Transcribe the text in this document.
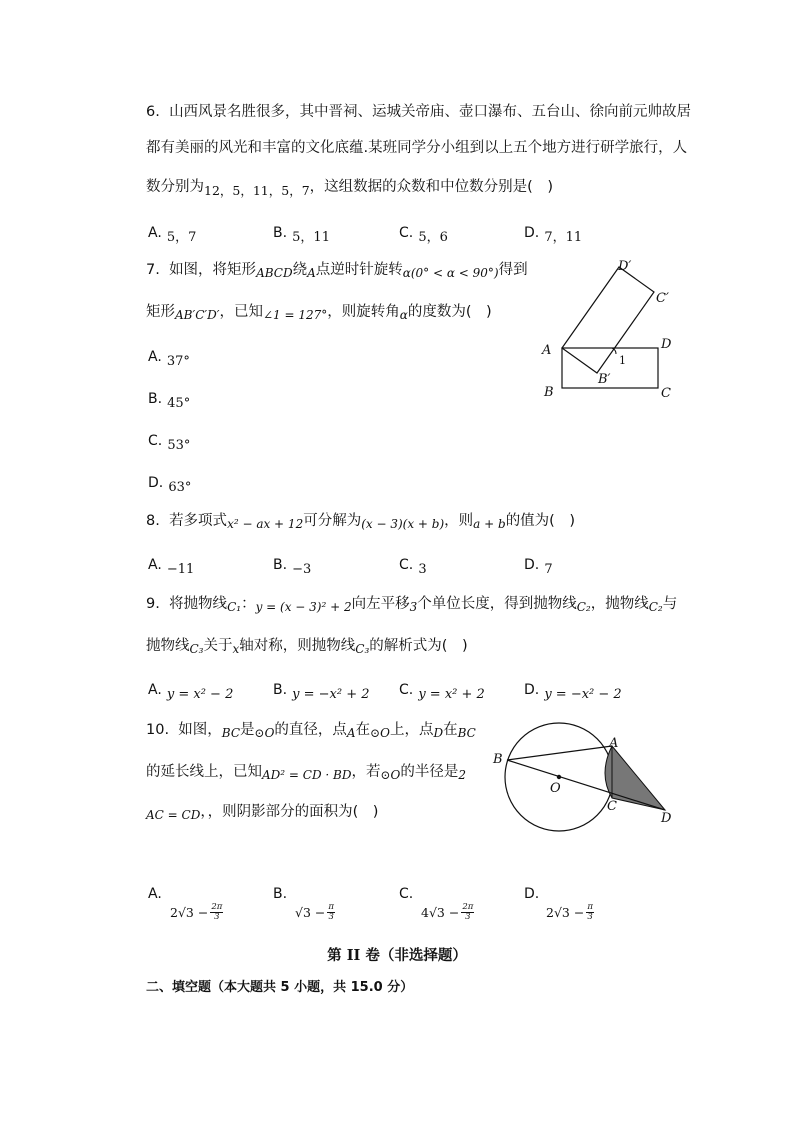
6. 山西风景名胜很多，其中晋祠、运城关帝庙、壶口瀑布、五台山、徐向前元帅故居
都有美丽的风光和丰富的文化底蕴.某班同学分小组到以上五个地方进行研学旅行，人
数分别为12，5，11，5，7，这组数据的众数和中位数分别是(　)
A. $_{5,7}$	B. $_{5,11}$	C. $_{5,6}$	D. $_{7,11}$
7. 如图，将矩形$_{ABCD}$绕$_A$点逆时针旋转$_{\alpha(0^\circ < \alpha < 90^\circ)}$得到
矩形$_{AB'C'D'}$，已知$_{\angle 1 = 127^\circ}$，则旋转角$_\alpha$的度数为(　)
A. $_{37^\circ}$
B. $_{45^\circ}$
C. $_{53^\circ}$
D. $_{63^\circ}$
D′
C′
A	D
1
B′
B	C
8. 若多项式$_{x^2 - ax + 12}$可分解为$_{(x - 3)(x + b)}$，则$_{a + b}$的值为(　)
A. $_{-11}$	B. $_{-3}$	C. $_3$	D. $_7$
9. 将抛物线$_{C_1}$：$_{y = (x - 3)^2 + 2}$向左平移$_3$个单位长度，得到抛物线$_{C_2}$，抛物线$_{C_2}$与
抛物线$_{C_3}$关于$_x$轴对称，则抛物线$_{C_3}$的解析式为(　)
A. $_{y = x^2 - 2}$	B. $_{y = -x^2 + 2}$ C. $_{y = x^2 + 2}$	D. $_{y = -x^2 - 2}$
10. 如图，$_{BC}$是$_{⊙O}$的直径，点$_A$在$_{⊙O}$上，点$_D$在$_{BC}$
的延长线上，已知$_{AD^2 = CD \cdot BD}$，若$_{⊙O}$的半径是$_2$
$_{AC = CD}$，，则阴影部分的面积为(　)
B
A
O
C
D
A.
$2√3 - \frac{2\pi}{3}$
B.
$√3 - \frac{\pi}{3}$
C.
$4√3 - \frac{2\pi}{3}$
D.
$2√3 - \frac{\pi}{3}$
第 II 卷（非选择题）
二、填空题（本大题共 5 小题，共 15.0 分）
